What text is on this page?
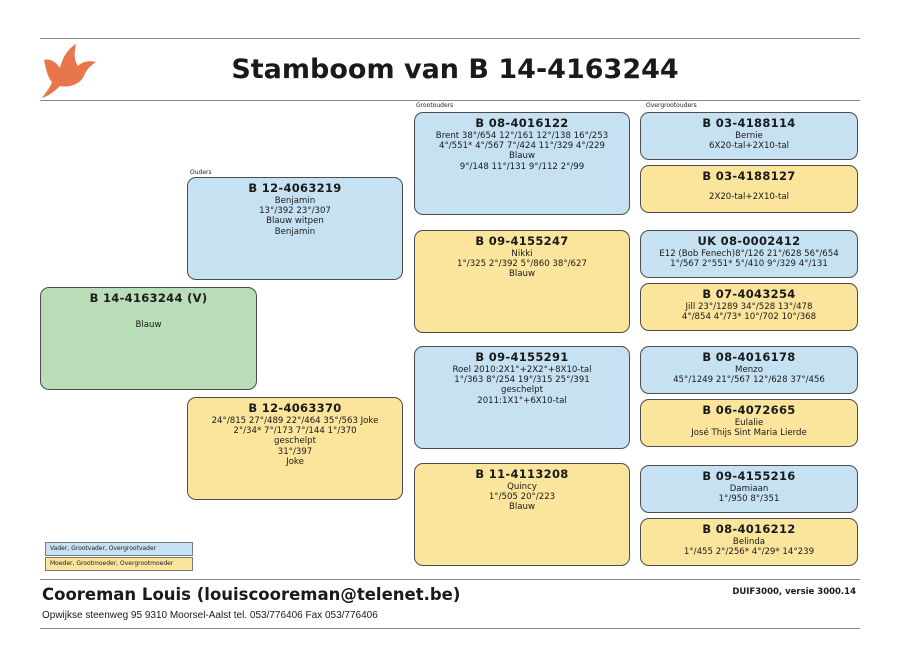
Stamboom van B 14-4163244
Ouders
Grootouders	Overgrootouders
B 14-4163244 (V)
Blauw
B 12-4063219
Benjamin
13°/392 23°/307
Blauw witpen
Benjamin
B 12-4063370
24°/815 27°/489 22°/464 35°/563 Joke
2°/34* 7°/173 7°/144 1°/370
geschelpt
31°/397
Joke
B 08-4016122
Brent 38°/654 12°/161 12°/138 16°/253
4°/551* 4°/567 7°/424 11°/329 4°/229
Blauw
9°/148 11°/131 9°/112 2°/99
B 09-4155247
Nikki
1°/325 2°/392 5°/860 38°/627
Blauw
B 09-4155291
Roel 2010:2X1°+2X2°+8X10-tal
1°/363 8°/254 19°/315 25°/391
geschelpt
2011:1X1°+6X10-tal
B 11-4113208
Quincy
1°/505 20°/223
Blauw
B 03-4188114
Bernie
6X20-tal+2X10-tal
B 03-4188127
2X20-tal+2X10-tal
UK 08-0002412
E12 (Bob Fenech)8°/126 21°/628 56°/654
1°/567 2°551* 5°/410 9°/329 4°/131
B 07-4043254
Jill 23°/1289 34°/528 13°/478
4°/854 4°/73* 10°/702 10°/368
B 08-4016178
Menzo
45°/1249 21°/567 12°/628 37°/456
B 06-4072665
Eulalie
José Thijs Sint Maria Lierde
B 09-4155216
Damiaan
1°/950 8°/351
B 08-4016212
Belinda
1°/455 2°/256* 4°/29* 14°239
Vader, Grootvader, Overgrootvader
Moeder, Grootmoeder, Overgrootmoeder
Cooreman Louis (louiscooreman@telenet.be)	DUIF3000, versie 3000.14
Opwijkse steenweg 95 9310 Moorsel-Aalst tel. 053/776406 Fax 053/776406
